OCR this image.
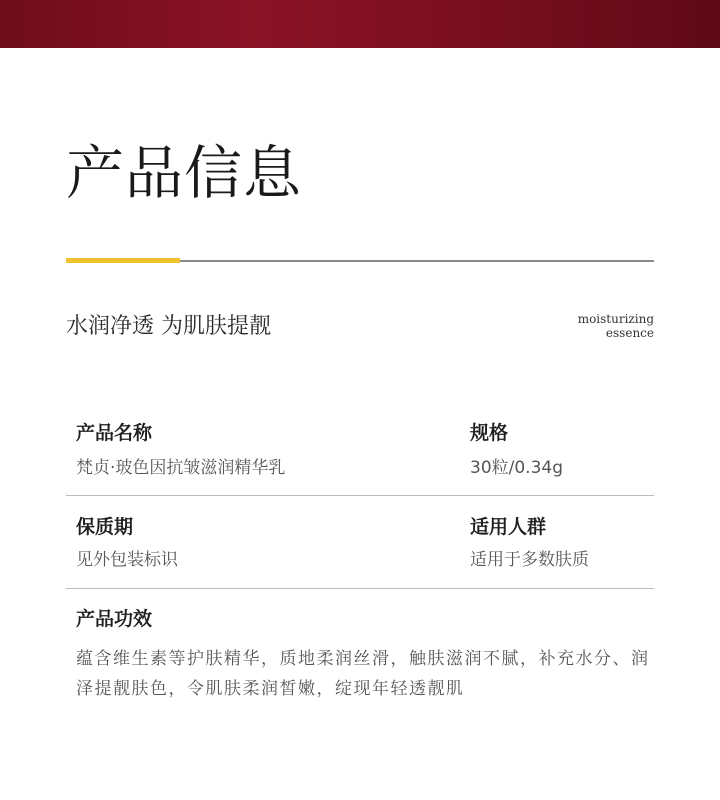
产品信息
水润净透 为肌肤提靓	moisturizing
essence
产品名称
梵贞·玻色因抗皱滋润精华乳
规格
30粒/0.34g
保质期
见外包装标识
适用人群
适用于多数肤质
产品功效
蕴含维生素等护肤精华，质地柔润丝滑，触肤滋润不腻，补充水分、润泽提靓肤色，令肌肤柔润皙嫩，绽现年轻透靓肌
